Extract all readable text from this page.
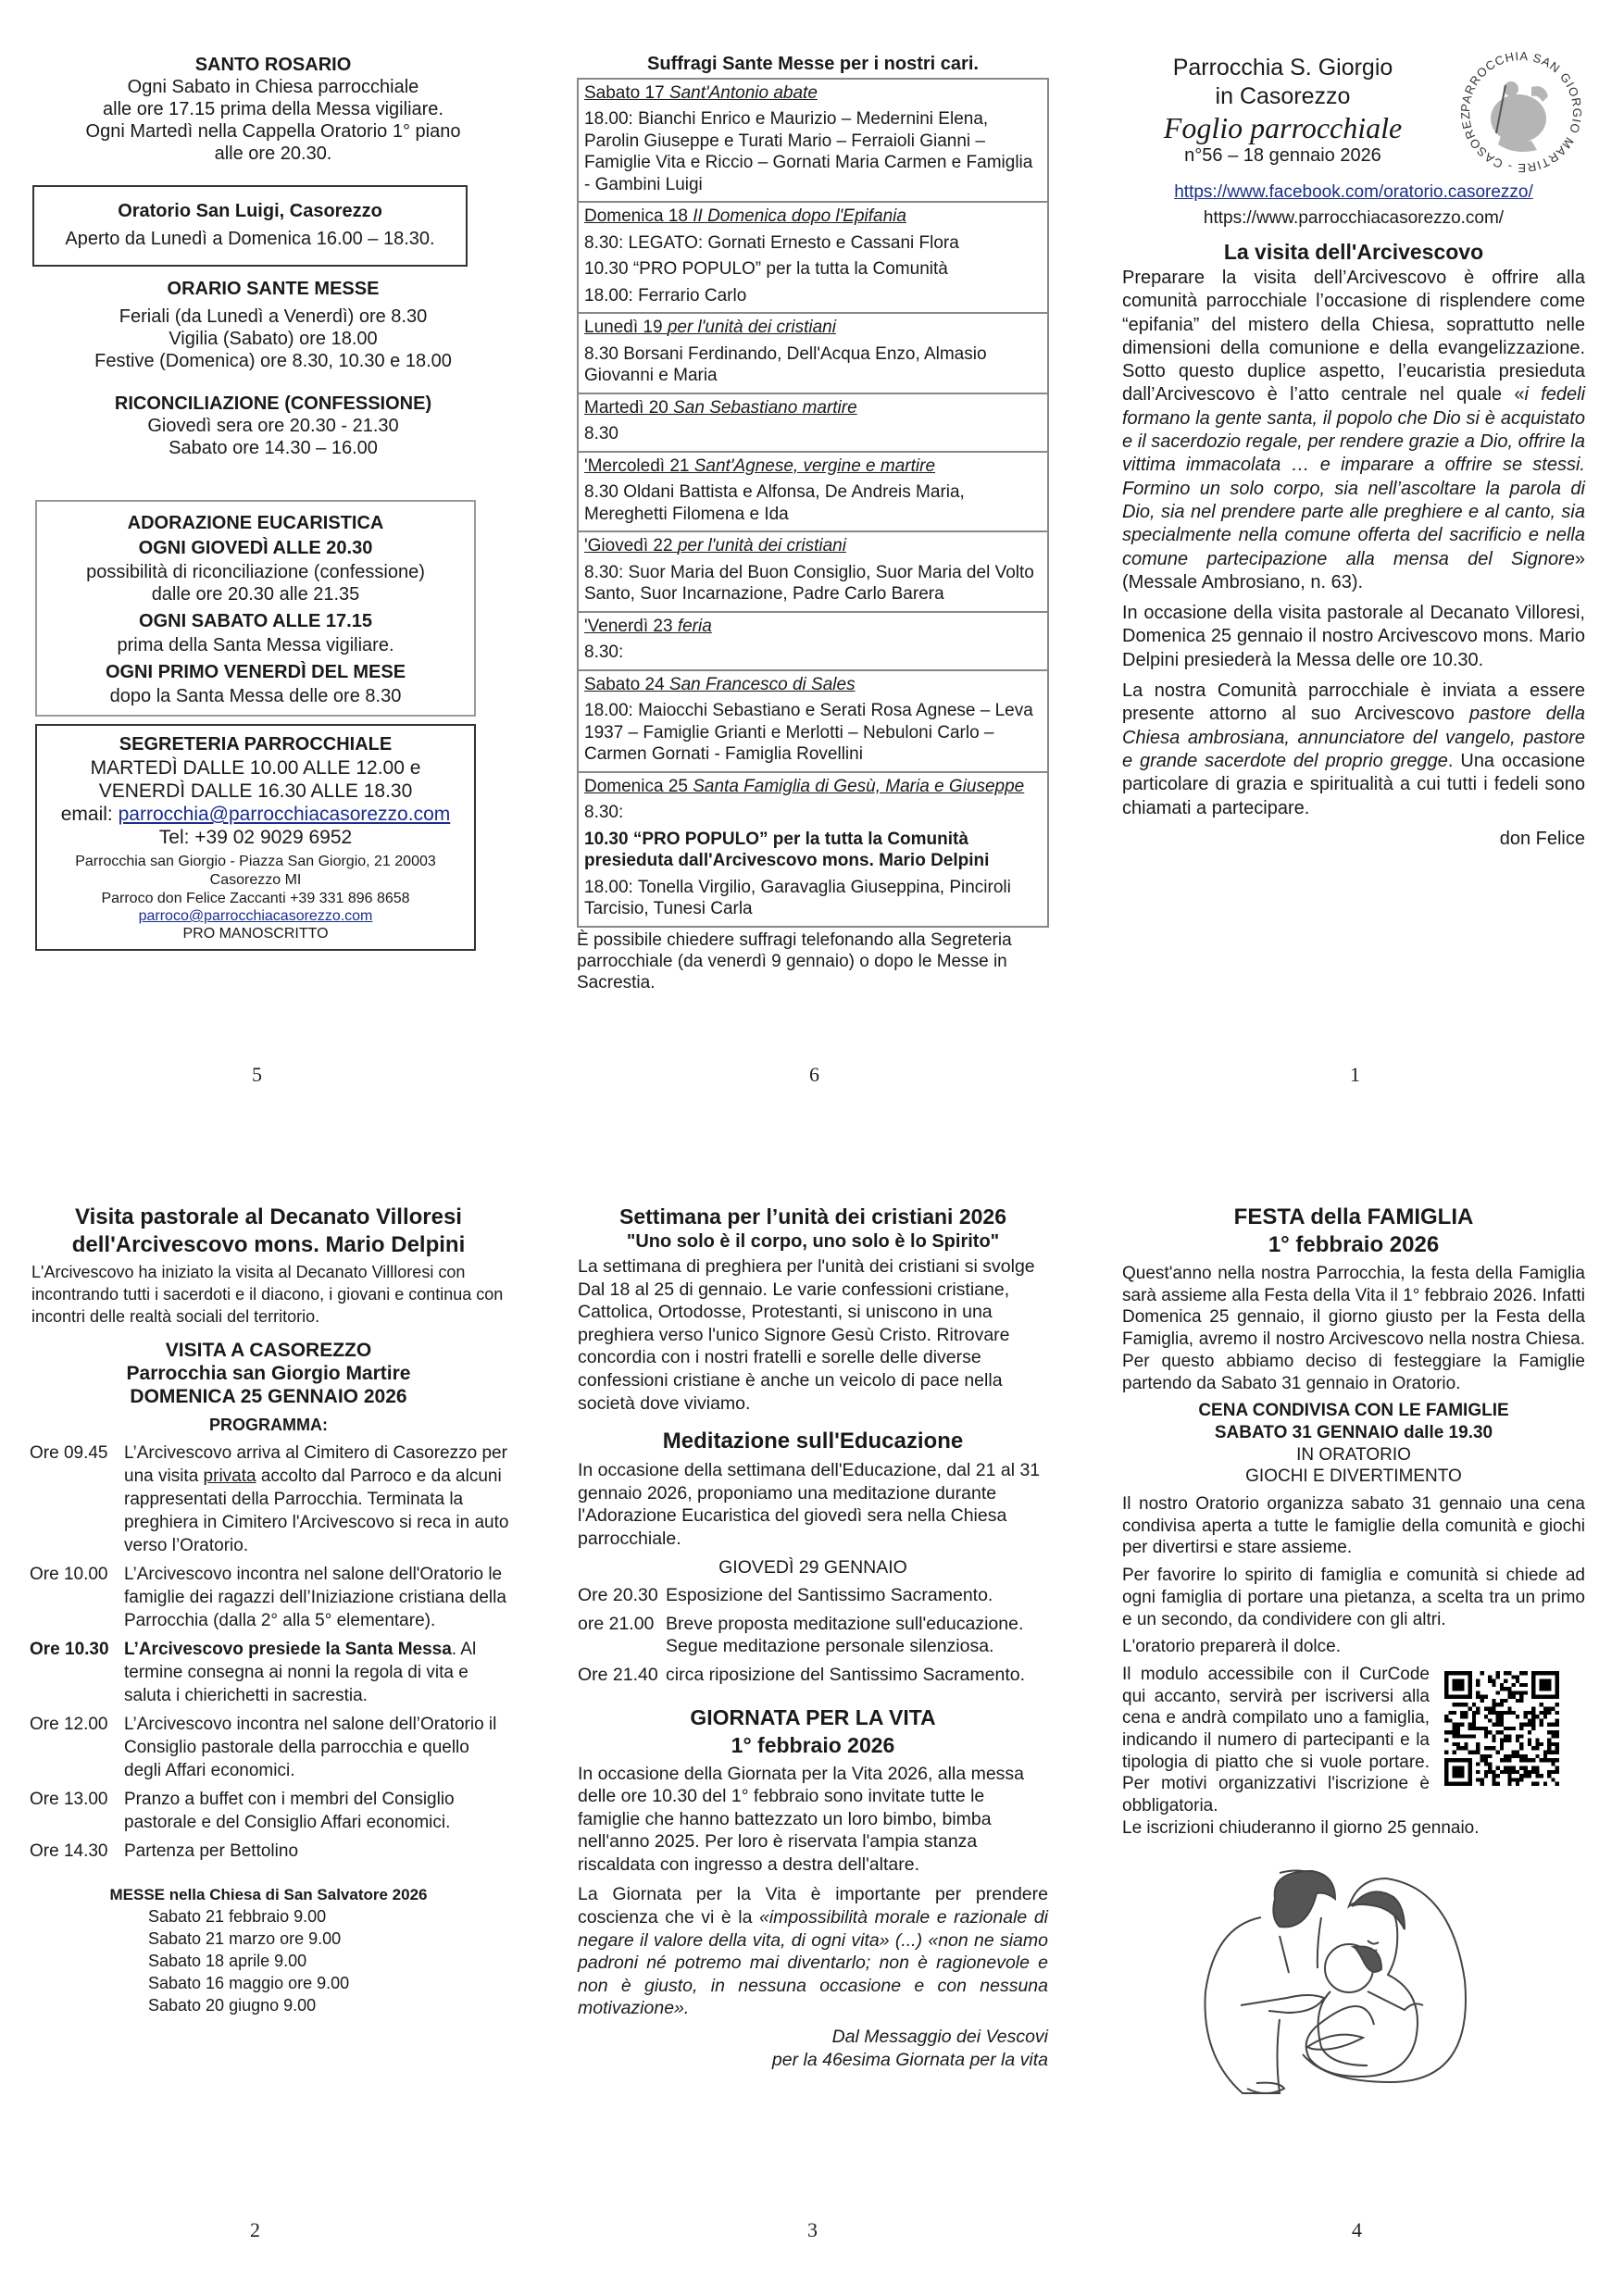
SANTO ROSARIO
Ogni Sabato in Chiesa parrocchiale
alle ore 17.15 prima della Messa vigiliare.
Ogni Martedì nella Cappella Oratorio 1° piano
alle ore 20.30.
Oratorio San Luigi, Casorezzo
Aperto da Lunedì a Domenica 16.00 – 18.30.
ORARIO SANTE MESSE
Feriali (da Lunedì a Venerdì) ore 8.30
Vigilia (Sabato) ore 18.00
Festive (Domenica) ore 8.30, 10.30 e 18.00
RICONCILIAZIONE (CONFESSIONE)
Giovedì sera ore 20.30 - 21.30
Sabato ore 14.30 – 16.00
ADORAZIONE EUCARISTICA
OGNI GIOVEDÌ ALLE 20.30
possibilità di riconciliazione (confessione)
dalle ore 20.30 alle 21.35
OGNI SABATO ALLE 17.15
prima della Santa Messa vigiliare.
OGNI PRIMO VENERDÌ DEL MESE
dopo la Santa Messa delle ore 8.30
SEGRETERIA PARROCCHIALE
MARTEDÌ DALLE 10.00 ALLE 12.00 e
VENERDÌ DALLE 16.30 ALLE 18.30
email: parrocchia@parrocchiacasorezzo.com
Tel: +39 02 9029 6952
Parrocchia san Giorgio - Piazza San Giorgio, 21 20003
Casorezzo MI
Parroco don Felice Zaccanti +39 331 896 8658
parroco@parrocchiacasorezzo.com
PRO MANOSCRITTO
5
Suffragi Sante Messe per i nostri cari.
Sabato 17 Sant'Antonio abate
18.00: Bianchi Enrico e Maurizio – Medernini Elena, Parolin Giuseppe e Turati Mario – Ferraioli Gianni – Famiglie Vita e Riccio – Gornati Maria Carmen e Famiglia - Gambini Luigi

Domenica 18 II Domenica dopo l'Epifania
8.30: LEGATO: Gornati Ernesto e Cassani Flora
10.30 “PRO POPULO” per la tutta la Comunità
18.00: Ferrario Carlo

Lunedì 19 per l'unità dei cristiani
8.30 Borsani Ferdinando, Dell'Acqua Enzo, Almasio Giovanni e Maria

Martedì 20 San Sebastiano martire
8.30

'Mercoledì 21 Sant'Agnese, vergine e martire
8.30 Oldani Battista e Alfonsa, De Andreis Maria, Mereghetti Filomena e Ida

'Giovedì 22 per l'unità dei cristiani
8.30: Suor Maria del Buon Consiglio, Suor Maria del Volto Santo, Suor Incarnazione, Padre Carlo Barera

'Venerdì 23 feria
8.30:

Sabato 24 San Francesco di Sales
18.00: Maiocchi Sebastiano e Serati Rosa Agnese – Leva 1937 – Famiglie Grianti e Merlotti – Nebuloni Carlo – Carmen Gornati - Famiglia Rovellini

Domenica 25 Santa Famiglia di Gesù, Maria e Giuseppe
8.30:
10.30 “PRO POPULO” per la tutta la Comunità presieduta dall'Arcivescovo mons. Mario Delpini
18.00: Tonella Virgilio, Garavaglia Giuseppina, Pinciroli Tarcisio, Tunesi Carla
È possibile chiedere suffragi telefonando alla Segreteria parrocchiale (da venerdì 9 gennaio) o dopo le Messe in Sacrestia.
6
Parrocchia S. Giorgio
in Casorezzo
Foglio parrocchiale
n°56 – 18 gennaio 2026
PARROCCHIA SAN GIORGIO MARTIRE - CASOREZ
https://www.facebook.com/oratorio.casorezzo/
https://www.parrocchiacasorezzo.com/
La visita dell'Arcivescovo

Preparare la visita dell’Arcivescovo è offrire alla comunità parrocchiale l’occasione di risplendere come “epifania” del mistero della Chiesa, soprattutto nelle dimensioni della comunione e della evangelizzazione. Sotto questo duplice aspetto, l’eucaristia presieduta dall’Arcivescovo è l’atto centrale nel quale «i fedeli formano la gente santa, il popolo che Dio si è acquistato e il sacerdozio regale, per rendere grazie a Dio, offrire la vittima immacolata … e imparare a offrire se stessi. Formino un solo corpo, sia nell’ascoltare la parola di Dio, sia nel prendere parte alle preghiere e al canto, sia specialmente nella comune offerta del sacrificio e nella comune partecipazione alla mensa del Signore» (Messale Ambrosiano, n. 63).

In occasione della visita pastorale al Decanato Villoresi, Domenica 25 gennaio il nostro Arcivescovo mons. Mario Delpini presiederà la Messa delle ore 10.30.

La nostra Comunità parrocchiale è inviata a essere presente attorno al suo Arcivescovo pastore della Chiesa ambrosiana, annunciatore del vangelo, pastore e grande sacerdote del proprio gregge. Una occasione particolare di grazia e spiritualità a cui tutti i fedeli sono chiamati a partecipare.

don Felice
1
Visita pastorale al Decanato Villoresi
dell'Arcivescovo mons. Mario Delpini

L'Arcivescovo ha iniziato la visita al Decanato Villloresi con incontrando tutti i sacerdoti e il diacono, i giovani e continua con incontri delle realtà sociali del territorio.

VISITA A CASOREZZO
Parrocchia san Giorgio Martire
DOMENICA 25 GENNAIO 2026
PROGRAMMA:
Ore 09.45 L’Arcivescovo arriva al Cimitero di Casorezzo per una visita privata accolto dal Parroco e da alcuni rappresentati della Parrocchia. Terminata la preghiera in Cimitero l'Arcivescovo si reca in auto verso l’Oratorio.
Ore 10.00 L’Arcivescovo incontra nel salone dell'Oratorio le famiglie dei ragazzi dell’Iniziazione cristiana della Parrocchia (dalla 2° alla 5° elementare).
Ore 10.30 L’Arcivescovo presiede la Santa Messa. Al termine consegna ai nonni la regola di vita e saluta i chierichetti in sacrestia.
Ore 12.00 L’Arcivescovo incontra nel salone dell’Oratorio il Consiglio pastorale della parrocchia e quello degli Affari economici.
Ore 13.00 Pranzo a buffet con i membri del Consiglio pastorale e del Consiglio Affari economici.
Ore 14.30 Partenza per Bettolino
MESSE nella Chiesa di San Salvatore 2026
Sabato 21 febbraio 9.00
Sabato 21 marzo ore 9.00
Sabato 18 aprile 9.00
Sabato 16 maggio ore 9.00
Sabato 20 giugno 9.00
2
Settimana per l’unità dei cristiani 2026
"Uno solo è il corpo, uno solo è lo Spirito"

La settimana di preghiera per l'unità dei cristiani si svolge Dal 18 al 25 di gennaio. Le varie confessioni cristiane, Cattolica, Ortodosse, Protestanti, si uniscono in una preghiera verso l'unico Signore Gesù Cristo. Ritrovare concordia con i nostri fratelli e sorelle delle diverse confessioni cristiane è anche un veicolo di pace nella società dove viviamo.

Meditazione sull'Educazione

In occasione della settimana dell'Educazione, dal 21 al 31 gennaio 2026, proponiamo una meditazione durante l'Adorazione Eucaristica del giovedì sera nella Chiesa parrocchiale.

GIOVEDÌ 29 GENNAIO
Ore 20.30 Esposizione del Santissimo Sacramento.
ore 21.00 Breve proposta meditazione sull'educazione. Segue meditazione personale silenziosa.
Ore 21.40 circa riposizione del Santissimo Sacramento.
GIORNATA PER LA VITA
1° febbraio 2026

In occasione della Giornata per la Vita 2026, alla messa delle ore 10.30 del 1° febbraio sono invitate tutte le famiglie che hanno battezzato un loro bimbo, bimba nell'anno 2025. Per loro è riservata l'ampia stanza riscaldata con ingresso a destra dell'altare.

La Giornata per la Vita è importante per prendere coscienza che vi è la «impossibilità morale e razionale di negare il valore della vita, di ogni vita» (...) «non ne siamo padroni né potremo mai diventarlo; non è ragionevole e non è giusto, in nessuna occasione e con nessuna motivazione».

Dal Messaggio dei Vescovi
per la 46esima Giornata per la vita
3
FESTA della FAMIGLIA
1° febbraio 2026

Quest'anno nella nostra Parrocchia, la festa della Famiglia sarà assieme alla Festa della Vita il 1° febbraio 2026. Infatti Domenica 25 gennaio, il giorno giusto per la Festa della Famiglia, avremo il nostro Arcivescovo nella nostra Chiesa. Per questo abbiamo deciso di festeggiare la Famiglie partendo da Sabato 31 gennaio in Oratorio.

CENA CONDIVISA CON LE FAMIGLIE
SABATO 31 GENNAIO dalle 19.30
IN ORATORIO
GIOCHI E DIVERTIMENTO

Il nostro Oratorio organizza sabato 31 gennaio una cena condivisa aperta a tutte le famiglie della comunità e giochi per divertirsi e stare assieme.

Per favorire lo spirito di famiglia e comunità si chiede ad ogni famiglia di portare una pietanza, a scelta tra un primo e un secondo, da condividere con gli altri.

L'oratorio preparerà il dolce.

Il modulo accessibile con il CurCode qui accanto, servirà per iscriversi alla cena e andrà compilato uno a famiglia, indicando il numero di partecipanti e la tipologia di piatto che si vuole portare. Per motivi organizzativi l'iscrizione è obbligatoria.

Le iscrizioni chiuderanno il giorno 25 gennaio.

4
